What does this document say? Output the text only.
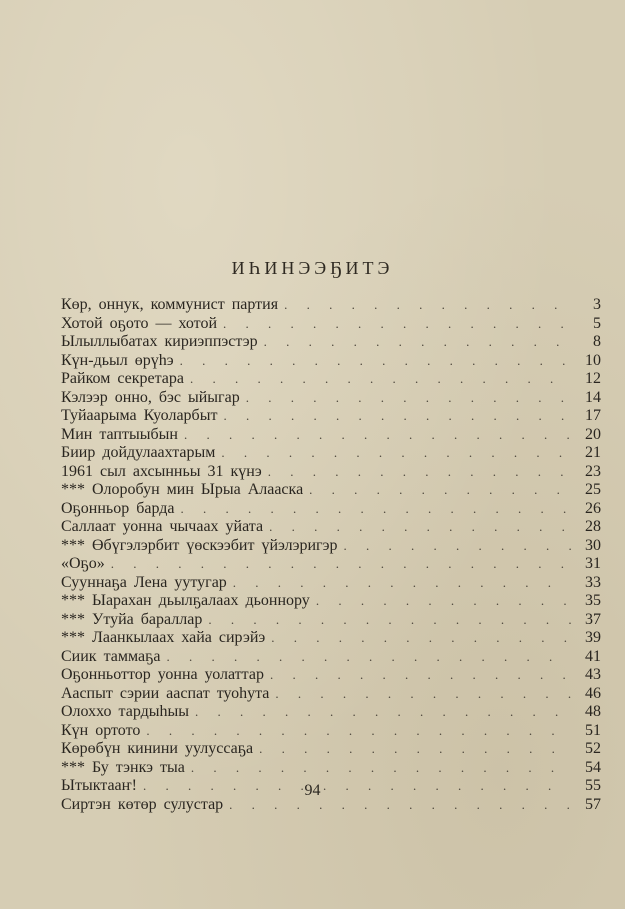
ИҺИНЭЭҔИТЭ
Көр, оннук, коммунист партия . . .	3
Хотой оҕото — хотой . . .	5
Ылыллыбатах кириэппэстэр . . .	8
Күн-дьыл өрүһэ . . .	10
Райком секретара . . .	12
Кэлээр онно, бэс ыйыгар . . .	14
Туйаарыма Куоларбыт . . .	17
Мин таптыыбын . . .	20
Биир дойдулаахтарым . . .	21
1961 сыл ахсынньы 31 күнэ . . .	23
*** Олоробун мин Ырыа Алааска . . .	25
Оҕонньор барда . . .	26
Саллаат уонна чычаах уйата . . .	28
*** Өбүгэлэрбит үөскээбит үйэлэригэр . . .	30
«Оҕо» . . .	31
Сууннаҕа Лена уутугар . . .	33
*** Ыарахан дьылҕалаах дьоннору . . .	35
*** Утуйа бараллар . . .	37
*** Лаанкылаах хайа сирэйэ . . .	39
Сиик таммаҕа . . .	41
Оҕонньоттор уонна уолаттар . . .	43
Ааспыт сэрии аaспат туоһута . . .	46
Олоххо тардыһыы . . .	48
Күн ортото . . .	51
Көрөбүн кинини уулуссаҕа . . .	52
*** Бу тэнкэ тыа . . .	54
Ытыктааҥ! . . .	55
Сиртэн көтөр сулустар . . .	57
94
